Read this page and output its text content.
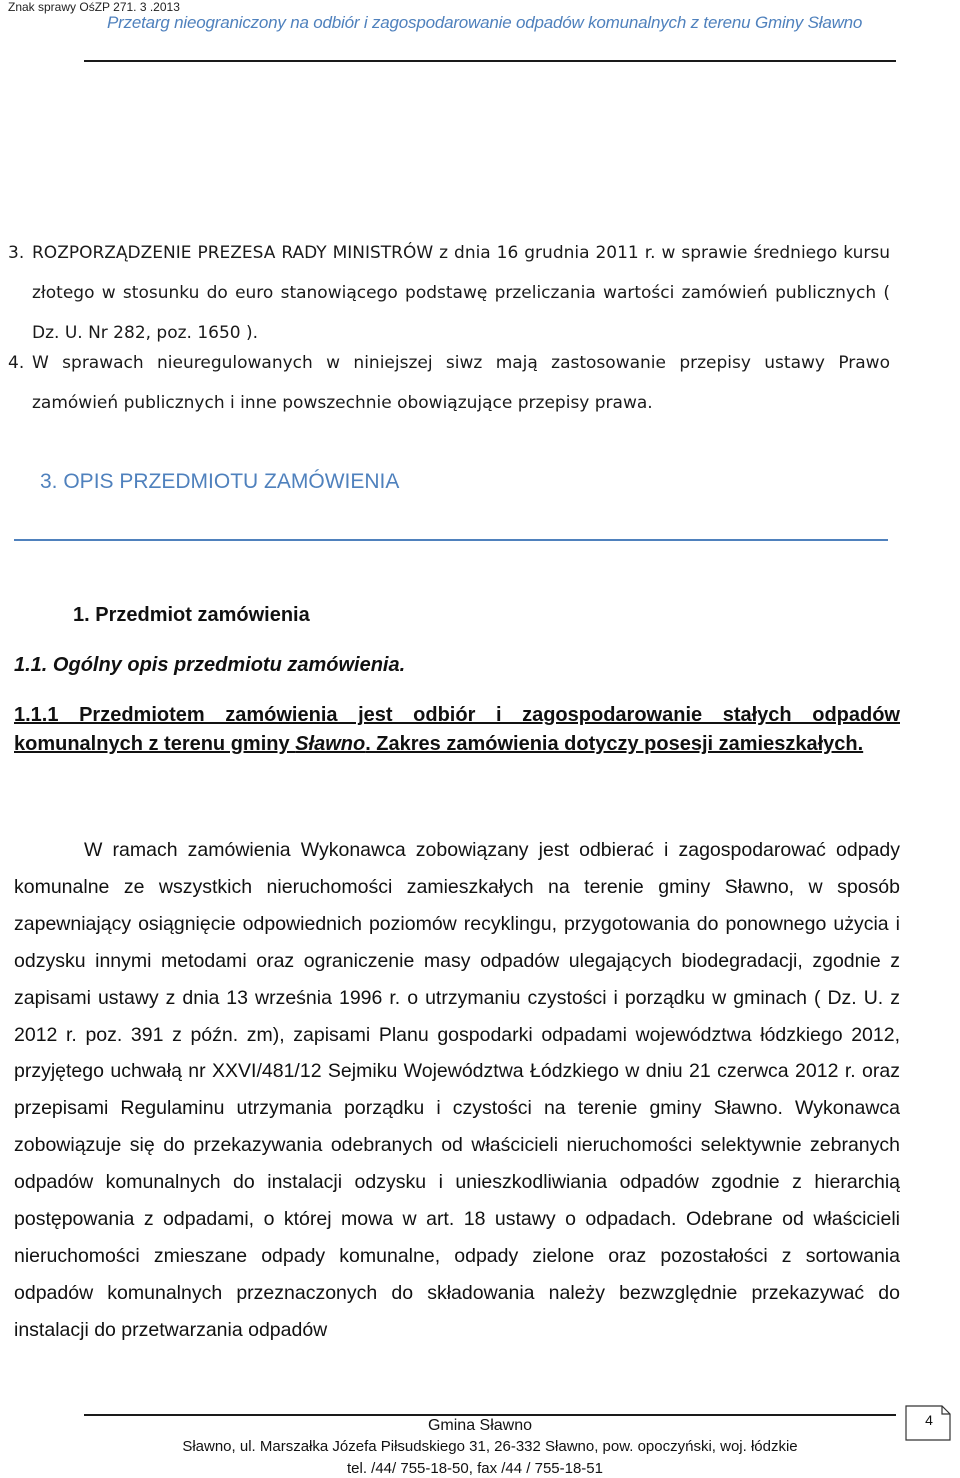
Znak sprawy OśZP 271. 3 .2013
Przetarg nieograniczony na odbiór i zagospodarowanie odpadów komunalnych z terenu Gminy Sławno
3. ROZPORZĄDZENIE PREZESA RADY MINISTRÓW z dnia 16 grudnia 2011 r. w sprawie średniego kursu złotego w stosunku do euro stanowiącego podstawę przeliczania wartości zamówień publicznych ( Dz. U. Nr 282, poz. 1650 ).
4. W sprawach nieuregulowanych w niniejszej siwz mają zastosowanie przepisy ustawy Prawo zamówień publicznych i inne powszechnie obowiązujące przepisy prawa.
3. OPIS PRZEDMIOTU ZAMÓWIENIA
1. Przedmiot zamówienia
1.1. Ogólny opis przedmiotu zamówienia.
1.1.1 Przedmiotem zamówienia jest odbiór i zagospodarowanie stałych odpadów komunalnych z terenu gminy Sławno. Zakres zamówienia dotyczy posesji zamieszkałych.
W ramach zamówienia Wykonawca zobowiązany jest odbierać i zagospodarować odpady komunalne ze wszystkich nieruchomości zamieszkałych na terenie gminy Sławno, w sposób zapewniający osiągnięcie odpowiednich poziomów recyklingu, przygotowania do ponownego użycia i odzysku innymi metodami oraz ograniczenie masy odpadów ulegających biodegradacji, zgodnie z zapisami ustawy z dnia 13 września 1996 r. o utrzymaniu czystości i porządku w gminach ( Dz. U. z 2012 r. poz. 391 z późn. zm), zapisami Planu gospodarki odpadami województwa łódzkiego 2012, przyjętego uchwałą nr XXVI/481/12 Sejmiku Województwa Łódzkiego w dniu 21 czerwca 2012 r. oraz przepisami Regulaminu utrzymania porządku i czystości na terenie gminy Sławno. Wykonawca zobowiązuje się do przekazywania odebranych od właścicieli nieruchomości selektywnie zebranych odpadów komunalnych do instalacji odzysku i unieszkodliwiania odpadów zgodnie z hierarchią postępowania z odpadami, o której mowa w art. 18 ustawy o odpadach. Odebrane od właścicieli nieruchomości zmieszane odpady komunalne, odpady zielone oraz pozostałości z sortowania odpadów komunalnych przeznaczonych do składowania należy bezwzględnie przekazywać do instalacji do przetwarzania odpadów
Gmina Sławno
Sławno, ul. Marszałka Józefa Piłsudskiego 31, 26-332 Sławno, pow. opoczyński, woj. łódzkie
tel. /44/ 755-18-50, fax /44 / 755-18-51
4
